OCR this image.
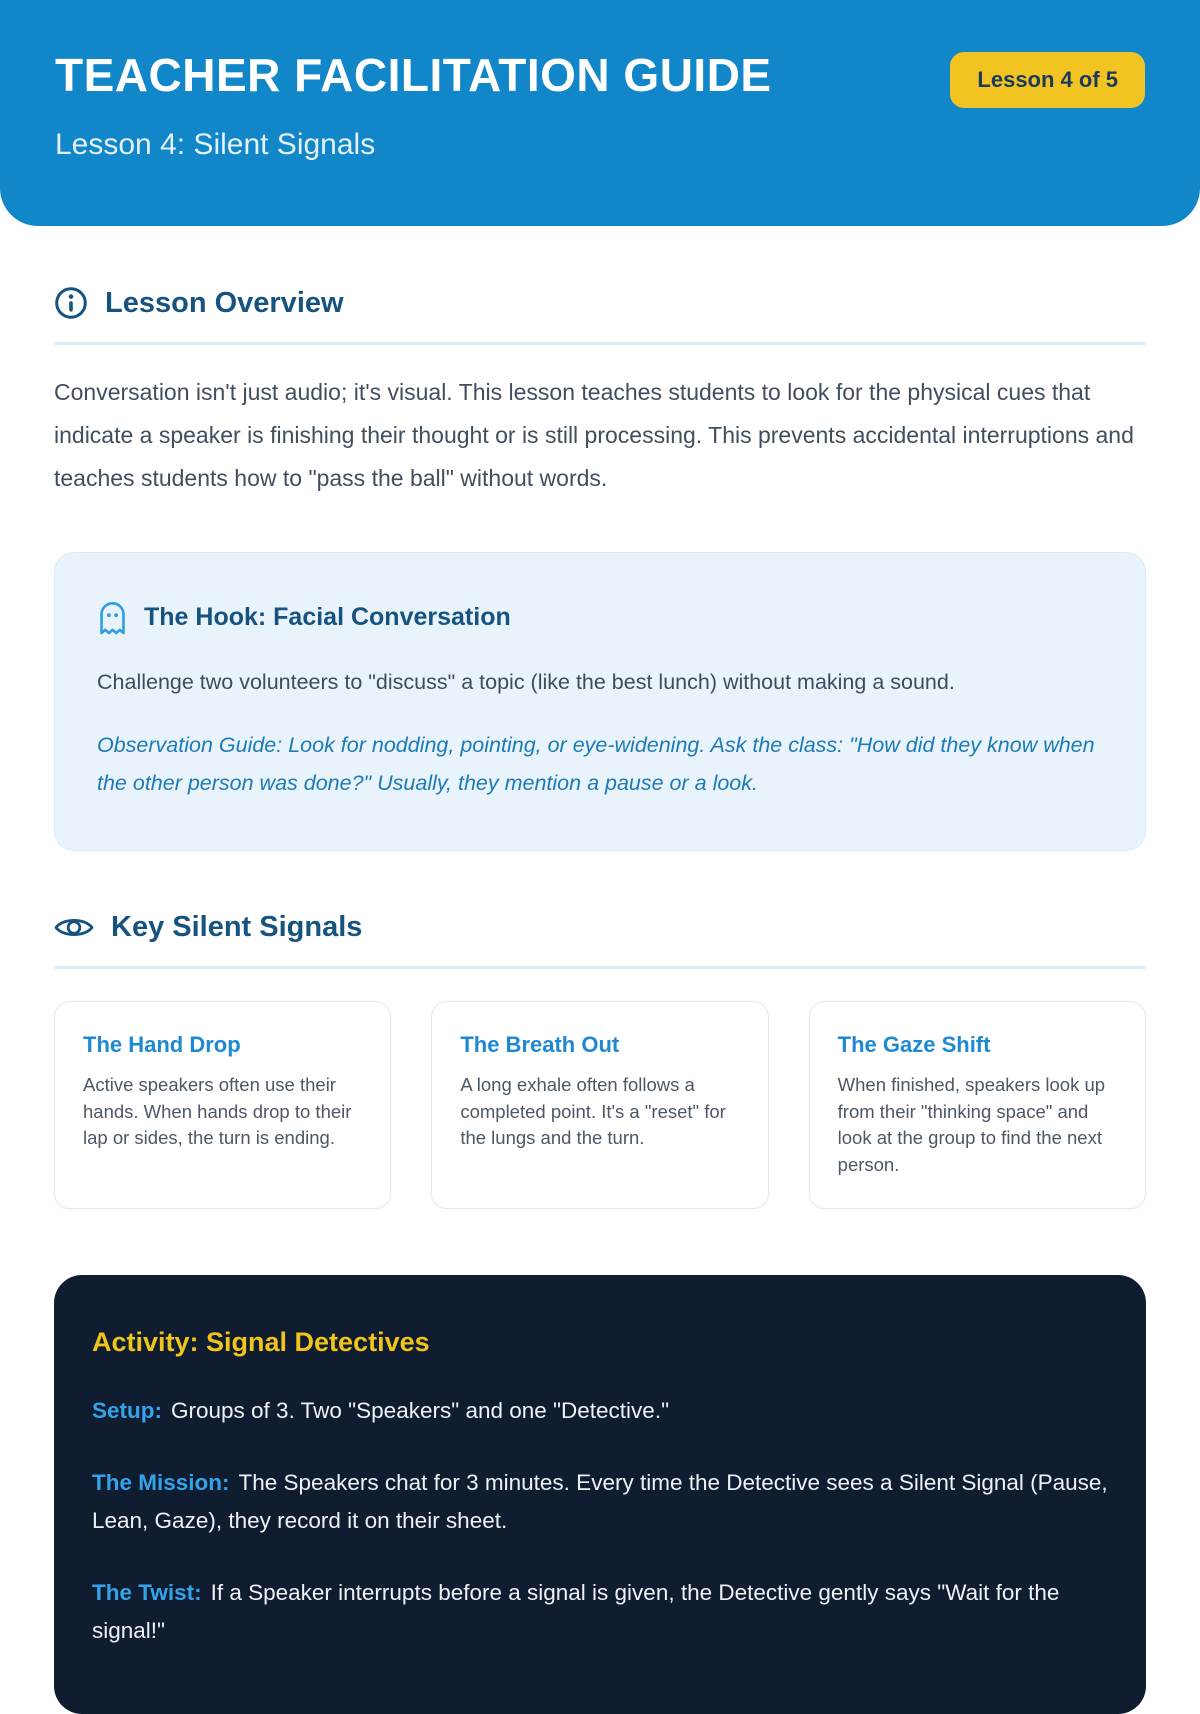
TEACHER FACILITATION GUIDE	Lesson 4 of 5
Lesson 4: Silent Signals
Lesson Overview

Conversation isn't just audio; it's visual. This lesson teaches students to look for the physical cues that indicate a speaker is finishing their thought or is still processing. This prevents accidental interruptions and teaches students how to "pass the ball" without words.

The Hook: Facial Conversation

Challenge two volunteers to "discuss" a topic (like the best lunch) without making a sound.

Observation Guide: Look for nodding, pointing, or eye-widening. Ask the class: "How did they know when the other person was done?" Usually, they mention a pause or a look.

Key Silent Signals
The Hand Drop

Active speakers often use their hands. When hands drop to their lap or sides, the turn is ending.

The Breath Out

A long exhale often follows a completed point. It's a "reset" for the lungs and the turn.

The Gaze Shift

When finished, speakers look up from their "thinking space" and look at the group to find the next person.

Activity: Signal Detectives

Setup: Groups of 3. Two "Speakers" and one "Detective."

The Mission: The Speakers chat for 3 minutes. Every time the Detective sees a Silent Signal (Pause, Lean, Gaze), they record it on their sheet.

The Twist: If a Speaker interrupts before a signal is given, the Detective gently says "Wait for the signal!"
